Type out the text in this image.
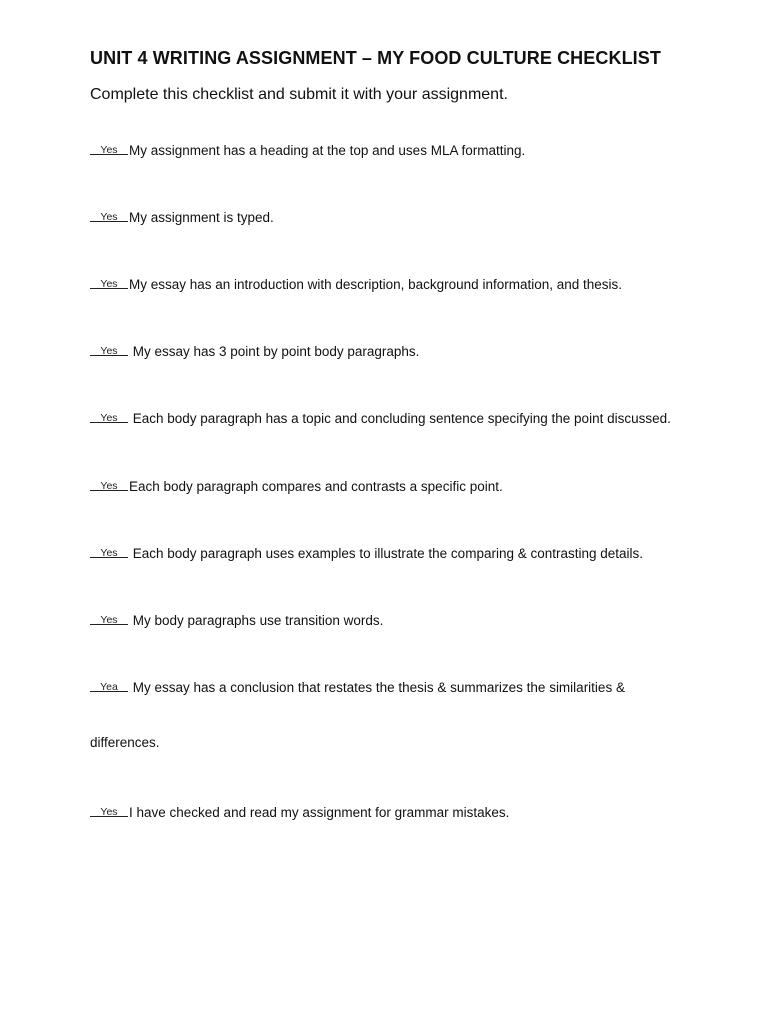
UNIT 4 WRITING ASSIGNMENT – MY FOOD CULTURE CHECKLIST
Complete this checklist and submit it with your assignment.
Yes My assignment has a heading at the top and uses MLA formatting.
Yes My assignment is typed.
Yes My essay has an introduction with description, background information, and thesis.
Yes My essay has 3 point by point body paragraphs.
Yes Each body paragraph has a topic and concluding sentence specifying the point discussed.
Yes Each body paragraph compares and contrasts a specific point.
Yes Each body paragraph uses examples to illustrate the comparing & contrasting details.
Yes My body paragraphs use transition words.
Yea My essay has a conclusion that restates the thesis & summarizes the similarities &
differences.
Yes I have checked and read my assignment for grammar mistakes.
